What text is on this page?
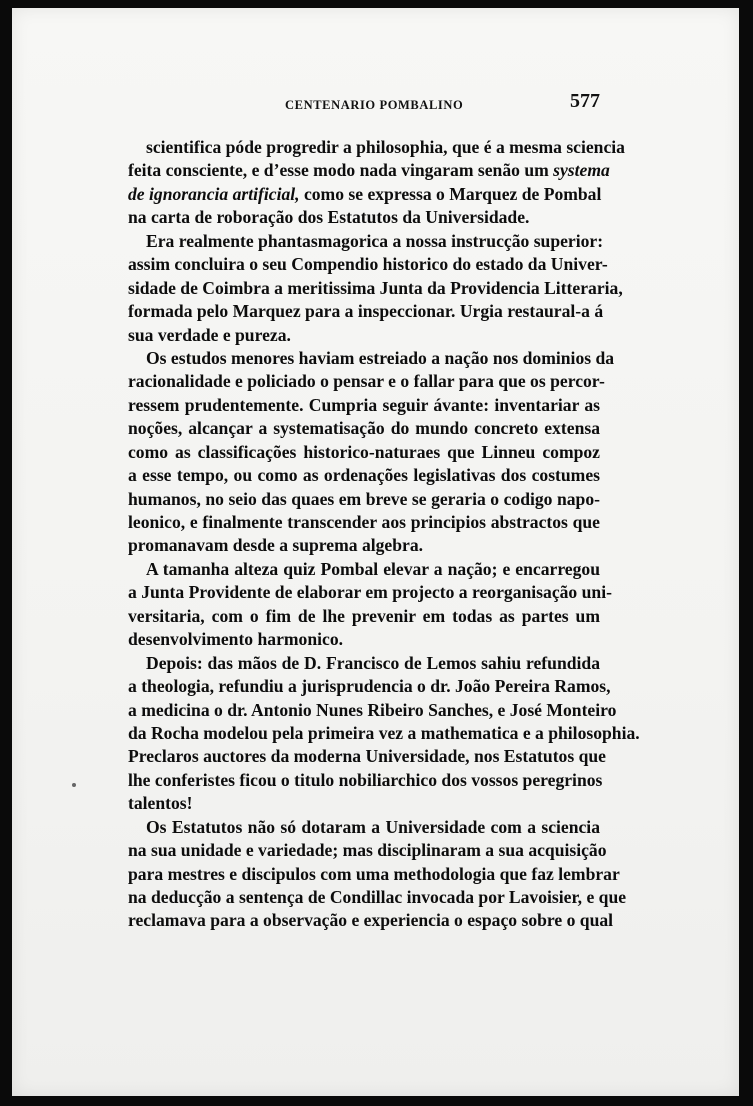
CENTENARIO POMBALINO	577
scientifica póde progredir a philosophia, que é a mesma sciencia
feita consciente, e d’esse modo nada vingaram senão um systema
de ignorancia artificial, como se expressa o Marquez de Pombal
na carta de roboração dos Estatutos da Universidade.
Era realmente phantasmagorica a nossa instrucção superior:
assim concluira o seu Compendio historico do estado da Univer-
sidade de Coimbra a meritissima Junta da Providencia Litteraria,
formada pelo Marquez para a inspeccionar. Urgia restaural-a á
sua verdade e pureza.
Os estudos menores haviam estreiado a nação nos dominios da
racionalidade e policiado o pensar e o fallar para que os percor-
ressem prudentemente. Cumpria seguir ávante: inventariar as
noções, alcançar a systematisação do mundo concreto extensa
como as classificações historico-naturaes que Linneu compoz
a esse tempo, ou como as ordenações legislativas dos costumes
humanos, no seio das quaes em breve se geraria o codigo napo-
leonico, e finalmente transcender aos principios abstractos que
promanavam desde a suprema algebra.
A tamanha alteza quiz Pombal elevar a nação; e encarregou
a Junta Providente de elaborar em projecto a reorganisação uni-
versitaria, com o fim de lhe prevenir em todas as partes um
desenvolvimento harmonico.
Depois: das mãos de D. Francisco de Lemos sahiu refundida
a theologia, refundiu a jurisprudencia o dr. João Pereira Ramos,
a medicina o dr. Antonio Nunes Ribeiro Sanches, e José Monteiro
da Rocha modelou pela primeira vez a mathematica e a philosophia.
Preclaros auctores da moderna Universidade, nos Estatutos que
lhe conferistes ficou o titulo nobiliarchico dos vossos peregrinos
talentos!
Os Estatutos não só dotaram a Universidade com a sciencia
na sua unidade e variedade; mas disciplinaram a sua acquisição
para mestres e discipulos com uma methodologia que faz lembrar
na deducção a sentença de Condillac invocada por Lavoisier, e que
reclamava para a observação e experiencia o espaço sobre o qual
